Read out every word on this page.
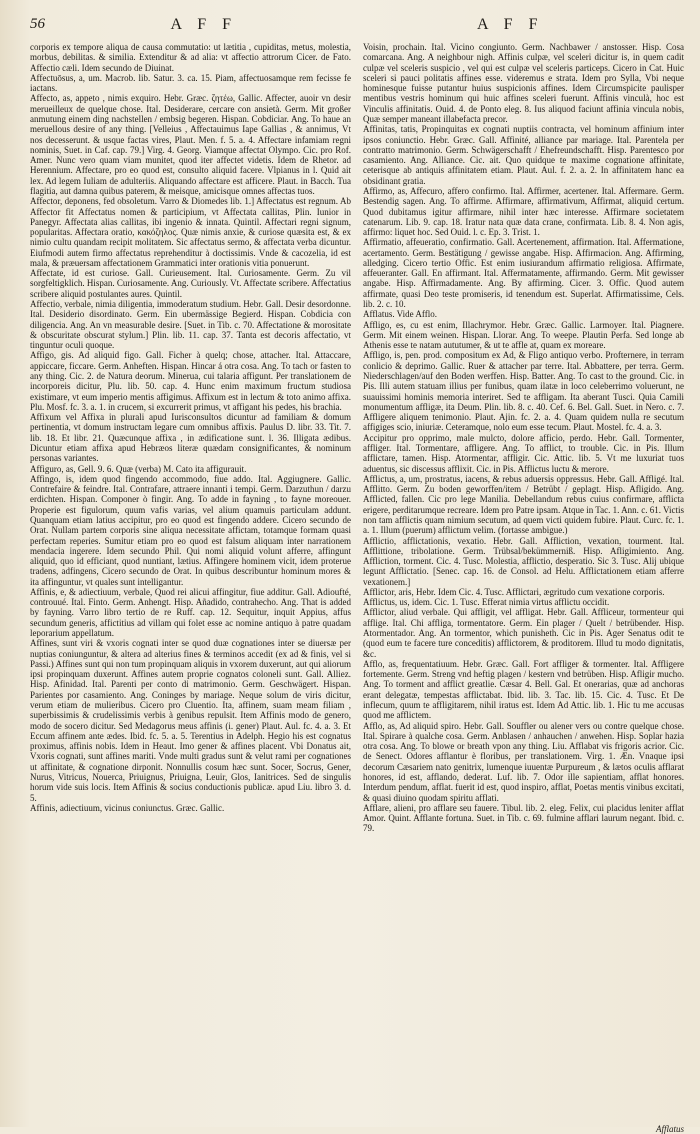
56	A F F	A F F

corporis ex tempore aliqua de causa commutatio: ut lætitia , cupiditas, metus, molestia, morbus, debilitas. & similia. Extenditur & ad alia: vt affectio attrorum Cicer. de Fato. Affectio cæli. Idem secundo de Diuinat.

Affectuōsus, a, um. Macrob. lib. Satur. 3. ca. 15. Piam, affectuosamque rem fecisse fe iactans.

Affecto, as, appeto , nimis exquiro. Hebr. Græc. ζητέω, Gallic. Affecter, auoir vn desir merueilleux de quelque chose. Ital. Desiderare, cercare con ansietà. Germ. Mit großer anmutung einem ding nachstellen / embsig begeren. Hispan. Cobdiciar. Ang. To haue an meruellous desire of any thing. [Velleius , Affectauimus Iape Gallias , & annimus, Vt nos decesserunt. & usque factas vires, Plaut. Men. f. 5. a. 4. Affectare infamiam regni nominis, Suet. in Caf. cap. 79.] Virg. 4. Georg. Viamque affectat Olympo. Cic. pro Rof. Amer. Nunc vero quam viam munitet, quod iter affectet videtis. Idem de Rhetor. ad Herennium. Affectare, pro eo quod est, consulto aliquid facere. Vlpianus in l. Quid ait lex. Ad legem Iuliam de adulteriis. Aliquando affectare est afficere. Plaut. in Bacch. Tua flagitia, aut damna quibus paterem, & meisque, amicisque omnes affectas tuos.

Affector, deponens, fed obsoletum. Varro & Diomedes lib. 1.] Affectatus est regnum. Ab Affector fit Affectatus nomen & participium, vt Affectata callitas, Plin. Iunior in Panegyr. Affectata alias callitas, ibi ingenio & innata. Quintil. Affectari regni signum, popularitas. Affectara oratio, κακόζηλος. Quæ nimis anxie, & curiose quæsita est, & ex nimio cultu quandam recipit molitatem. Sic affectatus sermo, & affectata verba dicuntur. Eiufmodi autem firmo affectatus reprehenditur à doctissimis. Vnde & cacozelia, id est mala, & præuersam affectationem Grammatici inter orationis vitia ponuerunt.

Affectate, id est curiose. Gall. Curieusement. Ital. Curiosamente. Germ. Zu vil sorgfeltigklich. Hispan. Curiosamente. Ang. Curiously. Vt. Affectate scribere. Affectatius scribere aliquid postulantes aures. Quintil.

Affectio, verbale, nimia diligentia, immoderatum studium. Hebr. Gall. Desir desordonne. Ital. Desiderio disordinato. Germ. Ein ubermässige Begierd. Hispan. Cobdicia con diligencia. Ang. An vn measurable desire. [Suet. in Tib. c. 70. Affectatione & morositate & obscuritate obscurat stylum.] Plin. lib. 11. cap. 37. Tanta est decoris affectatio, vt tinguntur oculi quoque.

Affigo, gis. Ad aliquid figo. Gall. Ficher à quelq; chose, attacher. Ital. Attaccare, appiccare, ficcare. Germ. Anheften. Hispan. Hincar á otra cosa. Ang. To tach or fasten to any thing. Cic. 2. de Natura deorum. Minerua, cui talaria affigunt. Per translationem de incorporeis dicitur, Plu. lib. 50. cap. 4. Hunc enim maximum fructum studiosa existimare, vt eum imperio mentis affigimus. Affixum est in lectum & toto animo affixa. Plu. Mosf. fc. 3. a. 1. in crucem, si excurrerit primus, vt affigant his pedes, his brachia.

Affixum vel Affixa in plurali apud Iurisconsultos dicuntur ad familiam & domum pertinentia, vt domum instructam legare cum omnibus affixis. Paulus D. libr. 33. Tit. 7. lib. 18. Et libr. 21. Quæcunque affixa , in ædificatione sunt. l. 36. Illigata ædibus. Dicuntur etiam affixa apud Hebræos literæ quædam consignificantes, & nominum personas variantes.

Affiguro, as, Gell. 9. 6. Quæ (verba) M. Cato ita affigurauit.

Affingo, is, idem quod fingendo accommodo, fiue addo. Ital. Aggiugnere. Gallic. Contrefaire & feindre. Ital. Contrafare, attraere innanti i tempi. Germ. Darzuthun / darzu erdichten. Hispan. Componer ò fingir. Ang. To adde in fayning , to fayne moreouer. Properie est figulorum, quum vafis varias, vel alium quamuis particulam addunt. Quanquam etiam latius accipitur, pro eo quod est fingendo addere. Cicero secundo de Orat. Nullam partem corporis sine aliqua necessitate affictam, totamque formam quasi perfectam reperies. Sumitur etiam pro eo quod est falsum aliquam inter narrationem mendacia ingerere. Idem secundo Phil. Qui nomi aliquid volunt afferre, affingunt aliquid, quo id efficiant, quod nuntiant, lætius. Affingere hominem vicit, idem proterue tradens, adfingens, Cicero secundo de Orat. In quibus describuntur hominum mores & ita affinguntur, vt quales sunt intelligantur.

Affinis, e, & adiectiuum, verbale, Quod rei alicui affingitur, fiue additur. Gall. Adioufté, controuué. Ital. Finto. Germ. Anhengt. Hisp. Añadido, contrahecho. Ang. That is added by fayning. Varro libro tertio de re Ruff. cap. 12. Sequitur, inquit Appius, affus secundum generis, affictitius ad villam qui folet esse ac nomine antiquo à patre quadam leporarium appellatum.

Affines, sunt viri & vxoris cognati inter se quod duæ cognationes inter se diuersæ per nuptias coniunguntur, & altera ad alterius fines & terminos accedit (ex ad & finis, vel si Passi.) Affines sunt qui non tum propinquam aliquis in vxorem duxerunt, aut qui aliorum ipsi propinquam duxerunt. Affines autem proprie cognatos coloneli sunt. Gall. Alliez. Hisp. Afinidad. Ital. Parenti per conto di matrimonio. Germ. Geschwägert. Hispan. Parientes por casamiento. Ang. Coninges by mariage. Neque solum de viris dicitur, verum etiam de mulieribus. Cicero pro Cluentio. Ita, affinem, suam meam filiam , superbissimis & crudelissimis verbis à genibus repulsit. Item Affinis modo de genero, modo de socero dicitur. Sed Medagorus meus affinis (i. gener) Plaut. Aul. fc. 4. a. 3. Et Eccum affinem ante ædes. Ibid. fc. 5. a. 5. Terentius in Adelph. Hegio his est cognatus proximus, affinis nobis. Idem in Heaut. Imo gener & affines placent. Vbi Donatus ait, Vxoris cognati, sunt affines mariti. Vnde multi gradus sunt & velut rami per cognationes ut affinitate, & cognatione dirponit. Nonnullis cosum hæc sunt. Socer, Socrus, Gener, Nurus, Vitricus, Nouerca, Priuignus, Priuigna, Leuir, Glos, Ianitrices. Sed de singulis horum vide suis locis. Item Affinis & socius conductionis publicæ. apud Liu. libro 3. d. 5.

Affinis, adiectiuum, vicinus coniunctus. Græc. Gallic.

Voisin, prochain. Ital. Vicino congiunto. Germ. Nachbawer / anstosser. Hisp. Cosa comarcana. Ang. A neighbour nigh. Affinis culpæ, vel sceleri dicitur is, in quem cadit culpæ vel sceleris suspicio , vel qui est culpæ vel sceleris particeps. Cicero in Cat. Huic sceleri si pauci politatis affines esse. videremus e strata. Idem pro Sylla, Vbi neque hominesque fuisse putantur huius suspicionis affines. Idem Circumspicite paulisper mentibus vestris hominum qui huic affines sceleri fuerunt. Affinis vinculà, hoc est Vinculis affinitatis. Ouid. 4. de Ponto eleg. 8. Ius aliquod faciunt affinia vincula nobis, Quæ semper maneant illabefacta precor.

Affinitas, tatis, Propinquitas ex cognati nuptiis contracta, vel hominum affinium inter ipsos coniunctio. Hebr. Græc. Gall. Affinité, alliance par mariage. Ital. Parentela per contratto matrimonio. Germ. Schwägerschafft / Ehefreundschafft. Hisp. Parentesco por casamiento. Ang. Alliance. Cic. ait. Quo quidque te maxime cognatione affinitate, ceterisque ab antiquis affinitatem etiam. Plaut. Aul. f. 2. a. 2. In affinitatem hanc ea obsidinant gratia.

Affirmo, as, Affecuro, affero confirmo. Ital. Affirmer, acertener. Ital. Affermare. Germ. Bestendig sagen. Ang. To affirme. Affirmare, affirmativum, Affirmat, aliquid certum. Quod dubitamus igitur affirmare, nihil inter hæc interesse. Affirmare societatem catenarum. Lib. 9. cap. 18. Iratur nata quæ data crane, confirmata. Lib. 8. 4. Non agis, affirmo: liquet hoc. Sed Ouid. l. c. Ep. 3. Trist. 1.

Affirmatio, affeueratio, confirmatio. Gall. Acertenement, affirmation. Ital. Affermatione, acertamento. Germ. Bestätigung / gewisse angabe. Hisp. Affirmacion. Ang. Affirming, alledging. Cicero tertio Offic. Est enim iusiurandum affirmatio religiosa. Affirmate, affeueranter. Gall. En affirmant. Ital. Affermatamente, affirmando. Germ. Mit gewisser angabe. Hisp. Affirmadamente. Ang. By affirming. Cicer. 3. Offic. Quod autem affirmate, quasi Deo teste promiseris, id tenendum est. Superlat. Affirmatissime, Cels. lib. 2. c. 10.

Afflatus. Vide Afflo.

Affligo, es, cu est enim, Illachrymor. Hebr. Græc. Gallic. Larmoyer. Ital. Piagnere. Germ. Mit einem weinen. Hispan. Llorar. Ang. To weepe. Plautin Perfa. Sed longe ab Athenis esse te natam aututumer, & ut te affle at, quam ex moreare.

Affligo, is, pen. prod. compositum ex Ad, & Fligo antiquo verbo. Profternere, in terram conlicio & deprimo. Gallic. Ruer & attacher par terre. Ital. Abbattere, per terra. Germ. Niederschlagen/auf den Boden werffen. Hisp. Batter. Ang. To cast to the ground. Cic. in Pis. Illi autem statuam illius per funibus, quam ilatæ in loco celeberrimo voluerunt, ne suauissimi hominis memoria interiret. Sed te affligam. Ita aberant Tusci. Quia Camili monumentum affligæ, ita Deum. Plin. lib. 8. c. 40. Cef. 6. Bel. Gall. Suet. in Nero. c. 7. Affligere aliquem tenimonio. Plaut. Ajin. fc. 2. a. 4. Quam quidem nulla re secutum affigiges scio, iniuriæ. Ceteramque, nolo eum esse tecum. Plaut. Mostel. fc. 4. a. 3.

Accipitur pro opprimo, male mulcto, dolore afficio, perdo. Hebr. Gall. Tormenter, affliger. Ital. Tormentare, affligere. Ang. To afflict, to trouble. Cic. in Pis. Illum afflictare, tamen. Hisp. Atormentar, affligir. Cic. Attic. lib. 5. Vt me luxuriat tuos aduentus, sic discessus afflixit. Cic. in Pis. Afflictus luctu & merore.

Afflictus, a, um, prostratus, iacens, & rebus aduersis oppressus. Hebr. Gall. Affligé. Ital. Afflitto. Germ. Zu boden geworffen/item / Betrübt / geplagt. Hisp. Afligido. Ang. Afflicted, fallen. Cic pro lege Manilia. Debellandum rebus cuius confirmare, afflicta erigere, perditarumque recreare. Idem pro Patre ipsam. Atque in Tac. 1. Ann. c. 61. Victis non tam afflictis quam nimium secutum, ad quem victi quidem fubire. Plaut. Curc. fc. 1. a. 1. Illum (puerum) afflictum velim. (fortasse ambigue.)

Afflictio, afflictationis, vexatio. Hebr. Gall. Affliction, vexation, tourment. Ital. Afflittione, tribolatione. Germ. Trübsal/bekümmerniß. Hisp. Afligimiento. Ang. Affliction, torment. Cic. 4. Tusc. Molestia, afflictio, desperatio. Sic 3. Tusc. Alij ubique legunt Afflictatio. [Senec. cap. 16. de Consol. ad Helu. Afflictationem etiam afferre vexationem.]

Afflictor, aris, Hebr. Idem Cic. 4. Tusc. Afflictari, ægritudo cum vexatione corporis.

Afflictus, us, idem. Cic. 1. Tusc. Efferat nimia virtus afflictu occidit.

Afflictor, aliud verbale. Qui affligit, vel affligat. Hebr. Gall. Affliceur, tormenteur qui afflige. Ital. Chi affliga, tormentatore. Germ. Ein plager / Quelt / betrübender. Hisp. Atormentador. Ang. An tormentor, which punisheth. Cic in Pis. Ager Senatus odit te (quod eum te facere ture conceditis) afflictorem, & proditorem. Illud tu modo dignitatis, &c.

Afflo, as, frequentatiuum. Hebr. Græc. Gall. Fort affliger & tormenter. Ital. Affligere fortemente. Germ. Streng vnd heftig plagen / kestern vnd betrüben. Hisp. Afligir mucho. Ang. To torment and afflict greatlie. Cæsar 4. Bell. Gal. Et onerarias, quæ ad anchoras erant delegatæ, tempestas afflictabat. Ibid. lib. 3. Tac. lib. 15. Cic. 4. Tusc. Et De inflecum, quum te affligitarem, nihil iratus est. Idem Ad Attic. lib. 1. Hic tu me accusas quod me afflictem.

Afflo, as, Ad aliquid spiro. Hebr. Gall. Souffler ou alener vers ou contre quelque chose. Ital. Spirare à qualche cosa. Germ. Anblasen / anhauchen / anwehen. Hisp. Soplar hazia otra cosa. Ang. To blowe or breath vpon any thing. Liu. Afflabat vis frigoris acrior. Cic. de Senect. Odores afflantur è floribus, per translationem. Virg. 1. Æn. Vnaque ipsi decorum Cæsariem nato genitrix, lumenque iuuentæ Purpureum , & lætos oculis afflarat honores, id est, afflando, dederat. Luf. lib. 7. Odor ille sapientiam, afflat honores. Interdum pendum, afflat. fuerit id est, quod inspiro, afflat, Poetas mentis vinibus excitati, & quasi diuino quodam spiritu afflati.

Afflare, alieni, pro afflare seu fauere. Tibul. lib. 2. eleg. Felix, cui placidus leniter afflat Amor. Quint. Afflante fortuna. Suet. in Tib. c. 69. fulmine afflari laurum negant. Ibid. c. 79.

Afflatus
